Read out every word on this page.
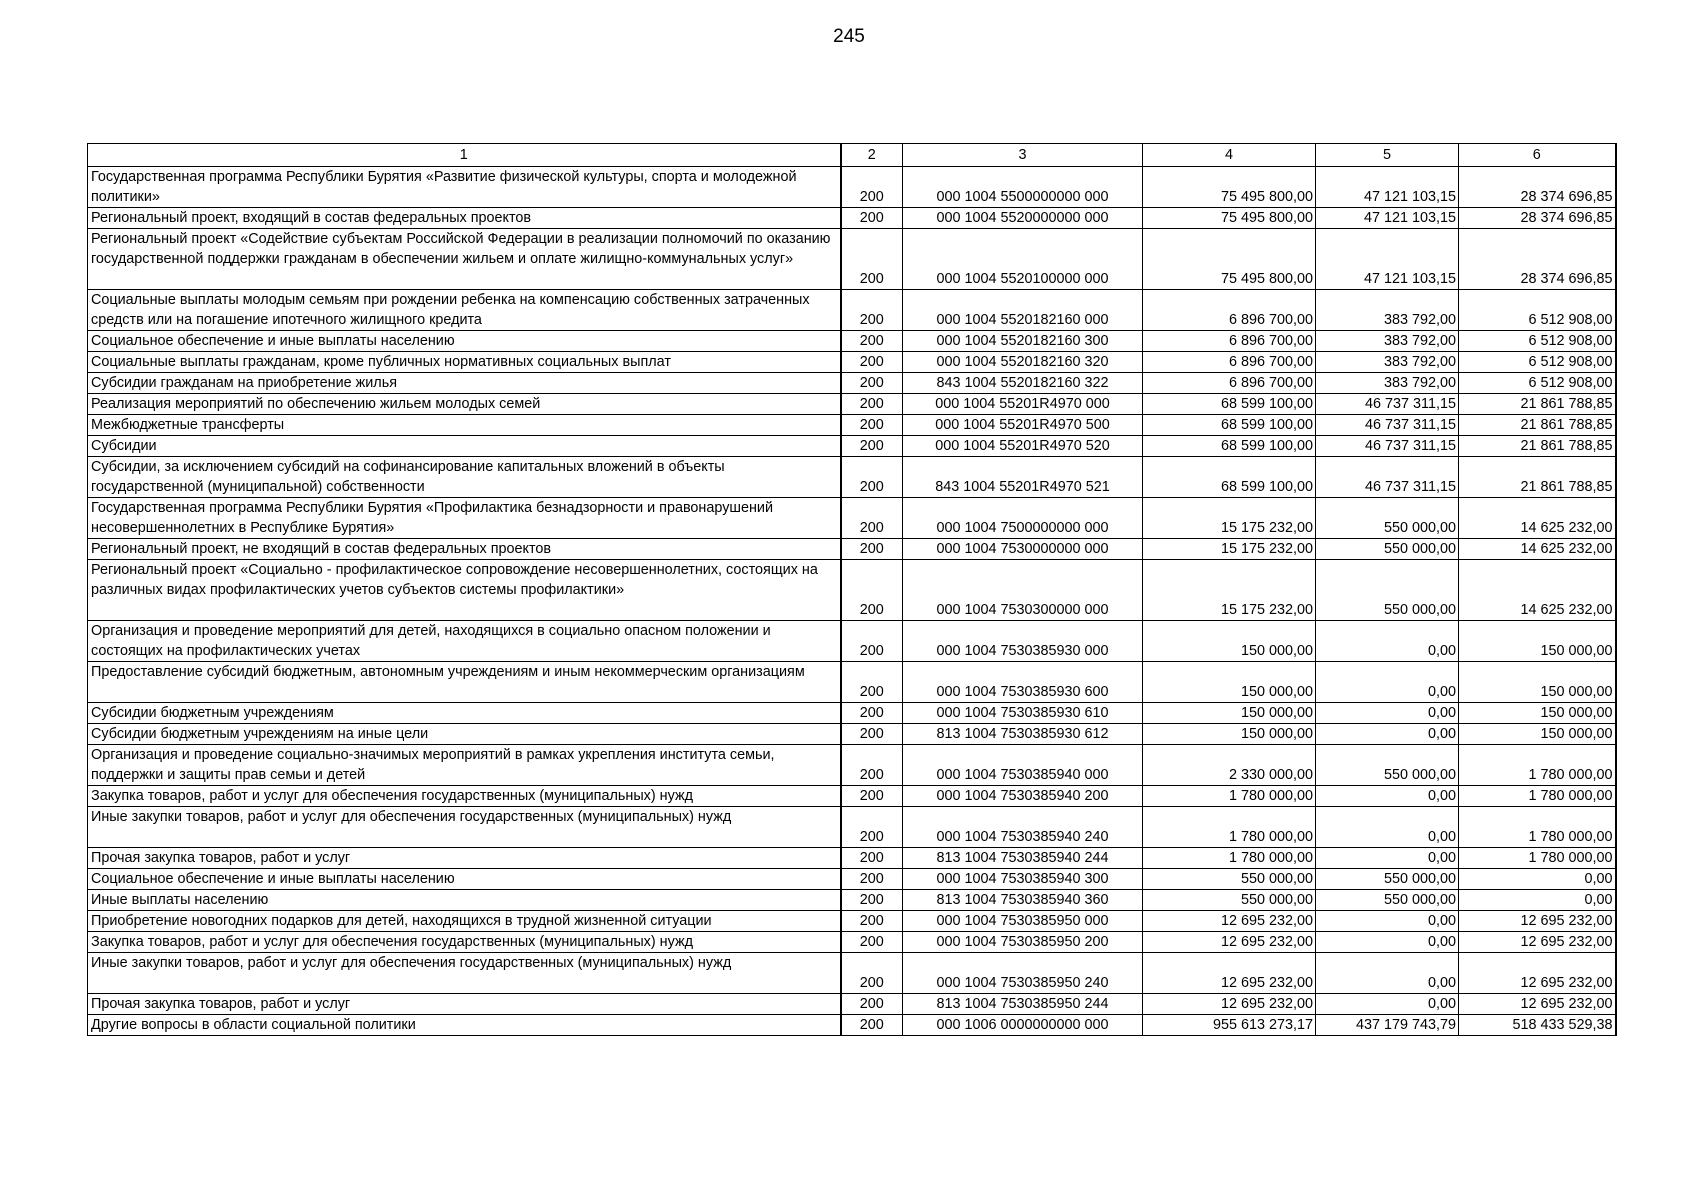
245
1	2	3	4	5	6
Государственная программа Республики Бурятия «Развитие физической культуры, спорта и молодежной политики»	200	000 1004 5500000000 000	75 495 800,00	47 121 103,15	28 374 696,85
Региональный проект, входящий в состав федеральных проектов	200	000 1004 5520000000 000	75 495 800,00	47 121 103,15	28 374 696,85
Региональный проект «Содействие субъектам Российской Федерации в реализации полномочий по оказанию государственной поддержки гражданам в обеспечении жильем и оплате жилищно-коммунальных услуг»	200	000 1004 5520100000 000	75 495 800,00	47 121 103,15	28 374 696,85
Социальные выплаты молодым семьям при рождении ребенка на компенсацию собственных затраченных средств или на погашение ипотечного жилищного кредита	200	000 1004 5520182160 000	6 896 700,00	383 792,00	6 512 908,00
Социальное обеспечение и иные выплаты населению	200	000 1004 5520182160 300	6 896 700,00	383 792,00	6 512 908,00
Социальные выплаты гражданам, кроме публичных нормативных социальных выплат	200	000 1004 5520182160 320	6 896 700,00	383 792,00	6 512 908,00
Субсидии гражданам на приобретение жилья	200	843 1004 5520182160 322	6 896 700,00	383 792,00	6 512 908,00
Реализация мероприятий по обеспечению жильем молодых семей	200	000 1004 55201R4970 000	68 599 100,00	46 737 311,15	21 861 788,85
Межбюджетные трансферты	200	000 1004 55201R4970 500	68 599 100,00	46 737 311,15	21 861 788,85
Субсидии	200	000 1004 55201R4970 520	68 599 100,00	46 737 311,15	21 861 788,85
Субсидии, за исключением субсидий на софинансирование капитальных вложений в объекты государственной (муниципальной) собственности	200	843 1004 55201R4970 521	68 599 100,00	46 737 311,15	21 861 788,85
Государственная программа Республики Бурятия «Профилактика безнадзорности и правонарушений несовершеннолетних в Республике Бурятия»	200	000 1004 7500000000 000	15 175 232,00	550 000,00	14 625 232,00
Региональный проект, не входящий в состав федеральных проектов	200	000 1004 7530000000 000	15 175 232,00	550 000,00	14 625 232,00
Региональный проект «Социально - профилактическое сопровождение несовершеннолетних, состоящих на различных видах профилактических учетов субъектов системы профилактики»	200	000 1004 7530300000 000	15 175 232,00	550 000,00	14 625 232,00
Организация и проведение мероприятий для детей, находящихся в социально опасном положении и состоящих на профилактических учетах	200	000 1004 7530385930 000	150 000,00	0,00	150 000,00
Предоставление субсидий бюджетным, автономным учреждениям и иным некоммерческим организациям	200	000 1004 7530385930 600	150 000,00	0,00	150 000,00
Субсидии бюджетным учреждениям	200	000 1004 7530385930 610	150 000,00	0,00	150 000,00
Субсидии бюджетным учреждениям на иные цели	200	813 1004 7530385930 612	150 000,00	0,00	150 000,00
Организация и проведение социально-значимых мероприятий в рамках укрепления института семьи, поддержки и защиты прав семьи и детей	200	000 1004 7530385940 000	2 330 000,00	550 000,00	1 780 000,00
Закупка товаров, работ и услуг для обеспечения государственных (муниципальных) нужд	200	000 1004 7530385940 200	1 780 000,00	0,00	1 780 000,00
Иные закупки товаров, работ и услуг для обеспечения государственных (муниципальных) нужд	200	000 1004 7530385940 240	1 780 000,00	0,00	1 780 000,00
Прочая закупка товаров, работ и услуг	200	813 1004 7530385940 244	1 780 000,00	0,00	1 780 000,00
Социальное обеспечение и иные выплаты населению	200	000 1004 7530385940 300	550 000,00	550 000,00	0,00
Иные выплаты населению	200	813 1004 7530385940 360	550 000,00	550 000,00	0,00
Приобретение новогодних подарков для детей, находящихся в трудной жизненной ситуации	200	000 1004 7530385950 000	12 695 232,00	0,00	12 695 232,00
Закупка товаров, работ и услуг для обеспечения государственных (муниципальных) нужд	200	000 1004 7530385950 200	12 695 232,00	0,00	12 695 232,00
Иные закупки товаров, работ и услуг для обеспечения государственных (муниципальных) нужд	200	000 1004 7530385950 240	12 695 232,00	0,00	12 695 232,00
Прочая закупка товаров, работ и услуг	200	813 1004 7530385950 244	12 695 232,00	0,00	12 695 232,00
Другие вопросы в области социальной политики	200	000 1006 0000000000 000	955 613 273,17	437 179 743,79	518 433 529,38
